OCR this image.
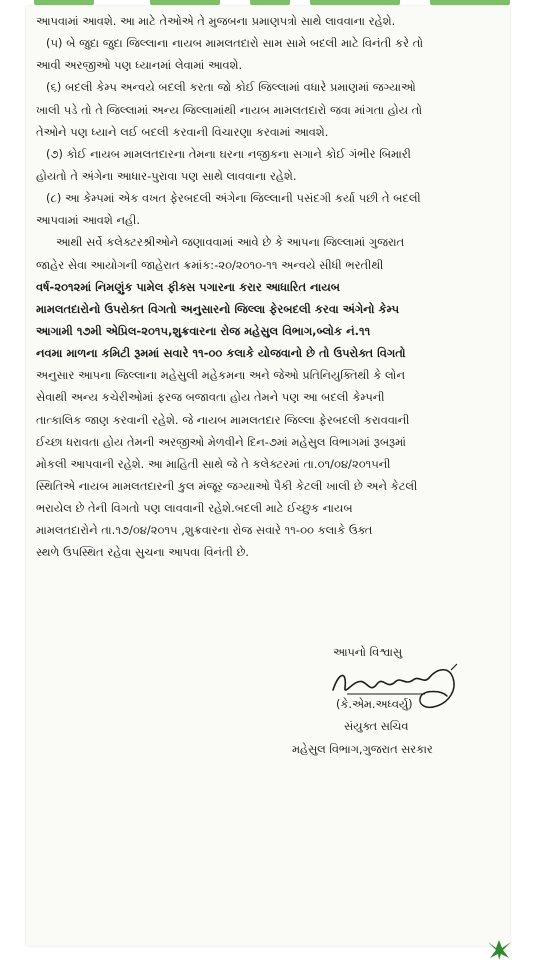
આપવામાં આવશે. આ માટે તેઓએ તે મુજબના પ્રમાણપત્રો સાથે લાવવાના રહેશે.
(૫) બે જુદા જુદા જિલ્લાના નાયબ મામલતદારો સામ સામે બદલી માટે વિનંતી કરે તો
આવી અરજીઓ પણ ધ્યાનમાં લેવામાં આવશે.
(૬) બદલી કેમ્પ અન્વયે બદલી કરતા જો કોઈ જિલ્લામાં વધારે પ્રમાણમાં જગ્યાઓ
ખાલી પડે તો તે જિલ્લામાં અન્ય જિલ્લામાંથી નાયબ મામલતદારો જવા માંગતા હોય તો
તેઓને પણ ધ્યાને લઈ બદલી કરવાની વિચારણા કરવામાં આવશે.
(૭) કોઈ નાયબ મામલતદારના તેમના ઘરના નજીકના સગાને કોઈ ગંભીર બિમારી
હોયતો તે અંગેના આધાર-પુરાવા પણ સાથે લાવવાના રહેશે.
(૮) આ કેમ્પમાં એક વખત ફેરબદલી અંગેના જિલ્લાની પસંદગી કર્યા પછી તે બદલી
આપવામાં આવશે નહી.
આથી સર્વે કલેક્ટરશ્રીઓને જણાવવામાં આવે છે કે આપના જિલ્લામાં ગુજરાત
જાહેર સેવા આયોગની જાહેરાત ક્રમાંક:-૨૦/૨૦૧૦-૧૧ અન્વયે સીધી ભરતીથી
વર્ષ-૨૦૧૨માં નિમણુંક પામેલ ફીક્સ પગારના કરાર આધારિત નાયબ
મામલતદારોનો ઉપરોક્ત વિગતો અનુસારનો જિલ્લા ફેરબદલી કરવા અંગેનો કેમ્પ
આગામી ૧૭મી એપ્રિલ-૨૦૧૫,શુક્રવારના રોજ મહેસુલ વિભાગ,બ્લોક નં.૧૧
નવમા માળના કમિટી રૂમમાં સવારે ૧૧-૦૦ કલાકે યોજવાનો છે તો ઉપરોક્ત વિગતો
અનુસાર આપના જિલ્લાના મહેસુલી મહેકમના અને જેઓ પ્રતિનિયુક્તિથી કે લોન
સેવાથી અન્ય કચેરીઓમાં ફરજ બજાવતા હોય તેમને પણ આ બદલી કેમ્પની
તાત્કાલિક જાણ કરવાની રહેશે. જે નાયબ મામલતદાર જિલ્લા ફેરબદલી કરાવવાની
ઈચ્છા ધરાવતા હોય તેમની અરજીઓ મેળવીને દિન-૭માં મહેસુલ વિભાગમાં રૂબરૂમાં
મોકલી આપવાની રહેશે. આ માહિતી સાથે જે તે કલેક્ટરમાં તા.૦૧/૦૪/૨૦૧૫ની
સ્થિતિએ નાયબ મામલતદારની કુલ મંજૂર જગ્યાઓ પૈકી કેટલી ખાલી છે અને કેટલી
ભરાયેલ છે તેની વિગતો પણ લાવવાની રહેશે.બદલી માટે ઈચ્છુક નાયબ
મામલતદારોને તા.૧૭/૦૪/૨૦૧૫ ,શુક્રવારના રોજ સવારે ૧૧-૦૦ કલાકે ઉક્ત
સ્થળે ઉપસ્થિત રહેવા સુચના આપવા વિનંતી છે.
આપનો વિશ્વાસુ
(કે.એમ.અધ્વર્યુ)
સંયુક્ત સચિવ
મહેસુલ વિભાગ,ગુજરાત સરકાર
